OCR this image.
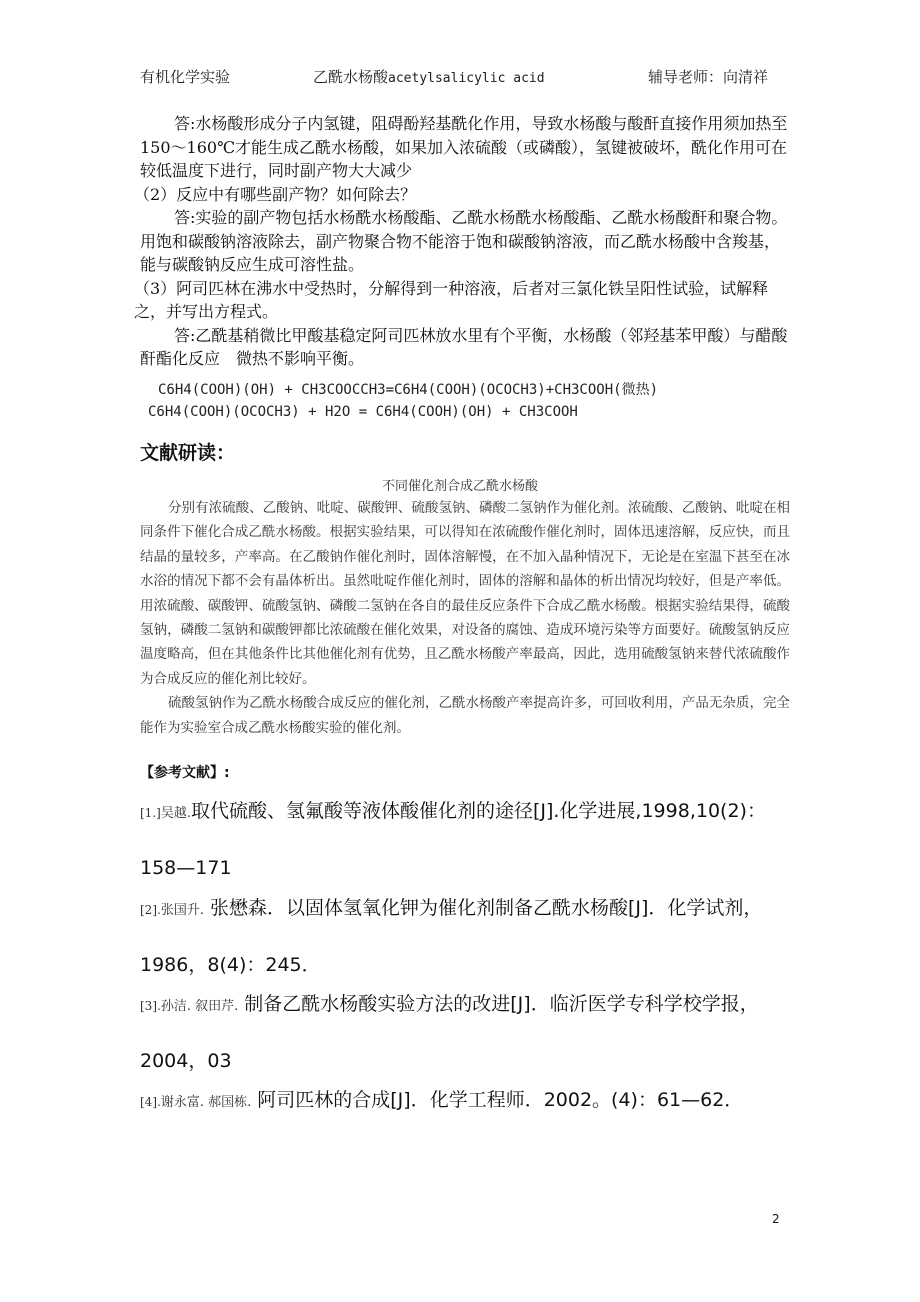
有机化学实验	乙酰水杨酸acetylsalicylic acid	辅导老师：向清祥

答:水杨酸形成分子内氢键，阻碍酚羟基酰化作用，导致水杨酸与酸酐直接作用须加热至 150～160℃才能生成乙酰水杨酸，如果加入浓硫酸（或磷酸），氢键被破坏，酰化作用可在较低温度下进行，同时副产物大大减少

（2）反应中有哪些副产物？如何除去？

答:实验的副产物包括水杨酰水杨酸酯、乙酰水杨酰水杨酸酯、乙酰水杨酸酐和聚合物。用饱和碳酸钠溶液除去，副产物聚合物不能溶于饱和碳酸钠溶液，而乙酰水杨酸中含羧基，能与碳酸钠反应生成可溶性盐。

（3）阿司匹林在沸水中受热时，分解得到一种溶液，后者对三氯化铁呈阳性试验，试解释之，并写出方程式。

答:乙酰基稍微比甲酸基稳定阿司匹林放水里有个平衡，水杨酸（邻羟基苯甲酸）与醋酸酐酯化反应　微热不影响平衡。

C6H4(COOH)(OH) + CH3COOCCH3=C6H4(COOH)(OCOCH3)+CH3COOH(微热)
C6H4(COOH)(OCOCH3) + H2O = C6H4(COOH)(OH) + CH3COOH
文献研读：
不同催化剂合成乙酰水杨酸

分别有浓硫酸、乙酸钠、吡啶、碳酸钾、硫酸氢钠、磷酸二氢钠作为催化剂。浓硫酸、乙酸钠、吡啶在相同条件下催化合成乙酰水杨酸。根据实验结果，可以得知在浓硫酸作催化剂时，固体迅速溶解，反应快，而且结晶的量较多，产率高。在乙酸钠作催化剂时，固体溶解慢，在不加入晶种情况下，无论是在室温下甚至在冰水浴的情况下都不会有晶体析出。虽然吡啶作催化剂时，固体的溶解和晶体的析出情况均较好，但是产率低。用浓硫酸、碳酸钾、硫酸氢钠、磷酸二氢钠在各自的最佳反应条件下合成乙酰水杨酸。根据实验结果得，硫酸氢钠，磷酸二氢钠和碳酸钾都比浓硫酸在催化效果，对设备的腐蚀、造成环境污染等方面要好。硫酸氢钠反应温度略高，但在其他条件比其他催化剂有优势，且乙酰水杨酸产率最高，因此，选用硫酸氢钠来替代浓硫酸作为合成反应的催化剂比较好。

硫酸氢钠作为乙酰水杨酸合成反应的催化剂，乙酰水杨酸产率提高许多，可回收利用，产品无杂质，完全能作为实验室合成乙酰水杨酸实验的催化剂。

【参考文献】:
[1.]吴越.取代硫酸、氢氟酸等液体酸催化剂的途径[J].化学进展,1998,10(2)：158—171
[2].张国升. 张懋森．以固体氢氧化钾为催化剂制备乙酰水杨酸[J]．化学试剂，1986，8(4)：245．
[3].孙洁. 叙田芹. 制备乙酰水杨酸实验方法的改进[J]．临沂医学专科学校学报，2004，03
[4].谢永富. 郝国栋. 阿司匹林的合成[J]．化学工程师．2002。(4)：61—62．
2
